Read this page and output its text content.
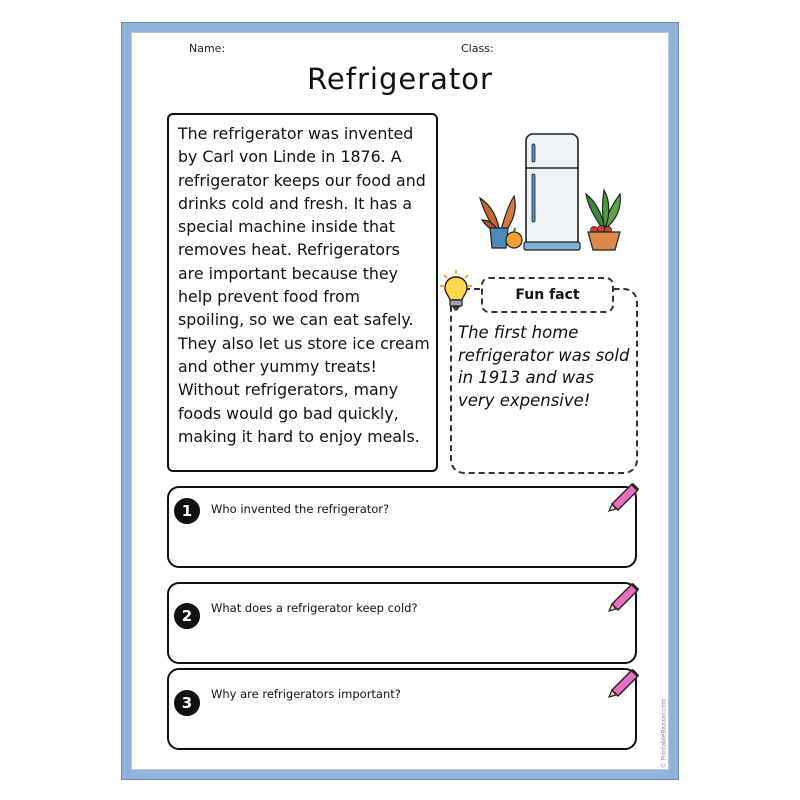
Name:	Class:
Refrigerator

The refrigerator was invented by Carl von Linde in 1876. A refrigerator keeps our food and drinks cold and fresh. It has a special machine inside that removes heat. Refrigerators are important because they help prevent food from spoiling, so we can eat safely. They also let us store ice cream and other yummy treats! Without refrigerators, many foods would go bad quickly, making it hard to enjoy meals.

Fun fact
The first home refrigerator was sold in 1913 and was very expensive!
1	Who invented the refrigerator?
2	What does a refrigerator keep cold?
3	Why are refrigerators important?
© PrintableBazaar.com
